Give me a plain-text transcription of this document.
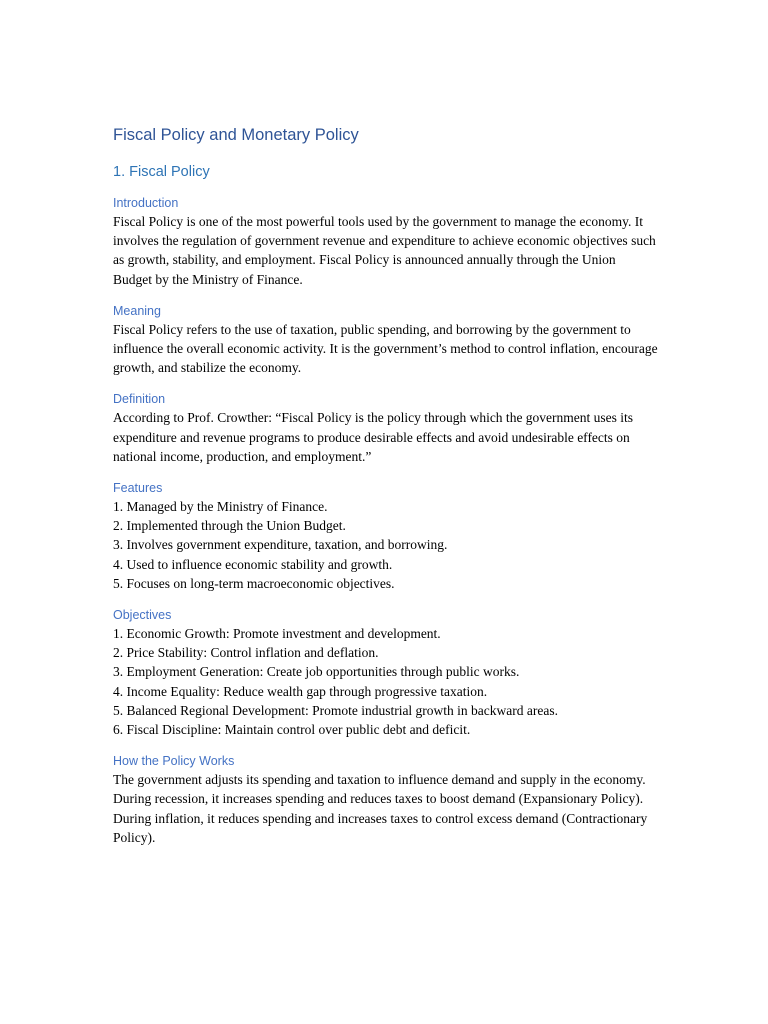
Fiscal Policy and Monetary Policy
1. Fiscal Policy
Introduction

Fiscal Policy is one of the most powerful tools used by the government to manage the economy. It involves the regulation of government revenue and expenditure to achieve economic objectives such as growth, stability, and employment. Fiscal Policy is announced annually through the Union Budget by the Ministry of Finance.

Meaning

Fiscal Policy refers to the use of taxation, public spending, and borrowing by the government to influence the overall economic activity. It is the government’s method to control inflation, encourage growth, and stabilize the economy.

Definition

According to Prof. Crowther: “Fiscal Policy is the policy through which the government uses its expenditure and revenue programs to produce desirable effects and avoid undesirable effects on national income, production, and employment.”

Features
1. Managed by the Ministry of Finance.
2. Implemented through the Union Budget.
3. Involves government expenditure, taxation, and borrowing.
4. Used to influence economic stability and growth.
5. Focuses on long-term macroeconomic objectives.
Objectives
1. Economic Growth: Promote investment and development.
2. Price Stability: Control inflation and deflation.
3. Employment Generation: Create job opportunities through public works.
4. Income Equality: Reduce wealth gap through progressive taxation.
5. Balanced Regional Development: Promote industrial growth in backward areas.
6. Fiscal Discipline: Maintain control over public debt and deficit.
How the Policy Works

The government adjusts its spending and taxation to influence demand and supply in the economy. During recession, it increases spending and reduces taxes to boost demand (Expansionary Policy). During inflation, it reduces spending and increases taxes to control excess demand (Contractionary Policy).
